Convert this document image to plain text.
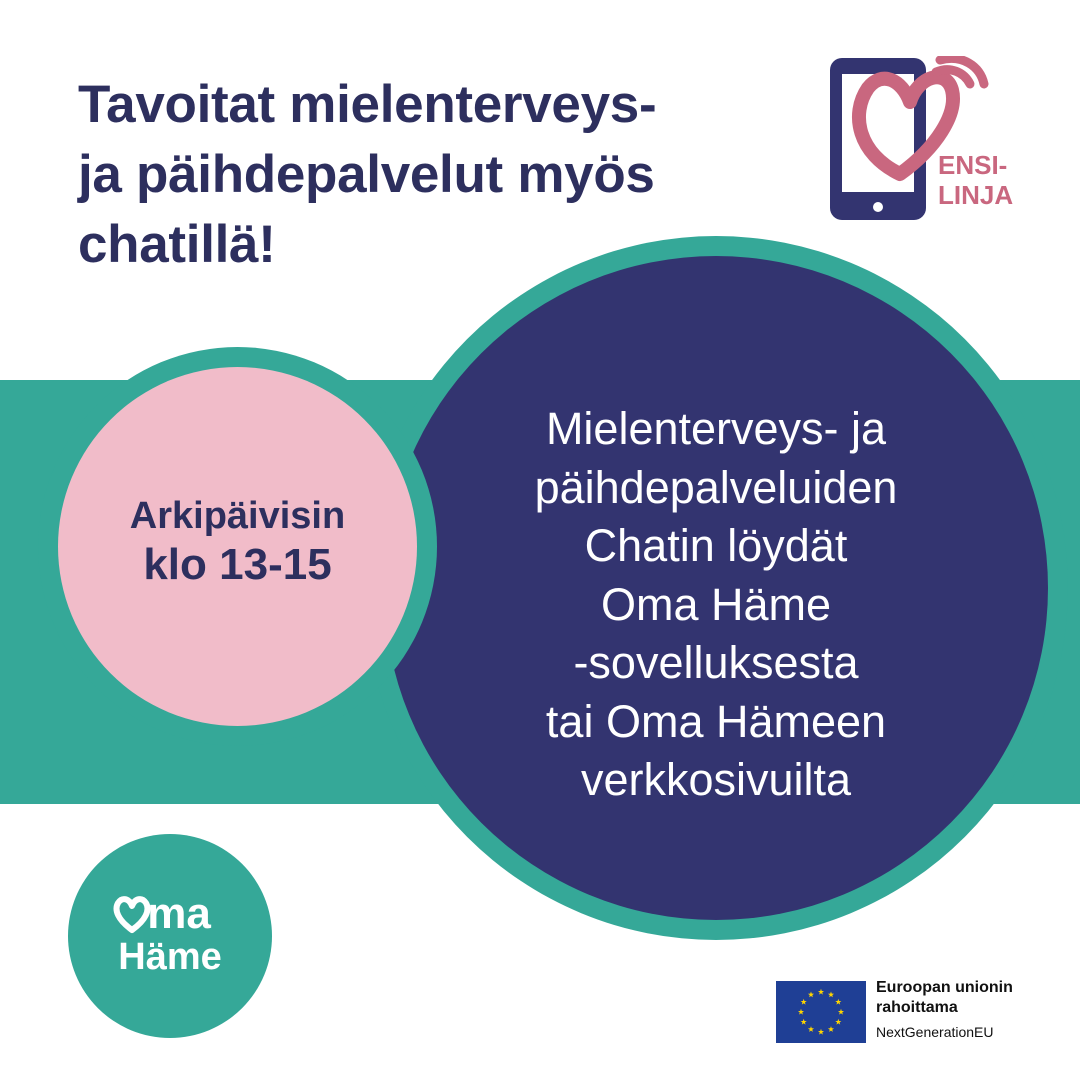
Tavoitat mielenterveys-
ja päihdepalvelut myös
chatillä!
Mielenterveys- ja
päihdepalveluiden
Chatin löydät
Oma Häme
-sovelluksesta
tai Oma Hämeen
verkkosivuilta
Arkipäivisin
klo 13-15
ENSI-
LINJA
ma
Häme
Euroopan unionin
rahoittama
NextGenerationEU
